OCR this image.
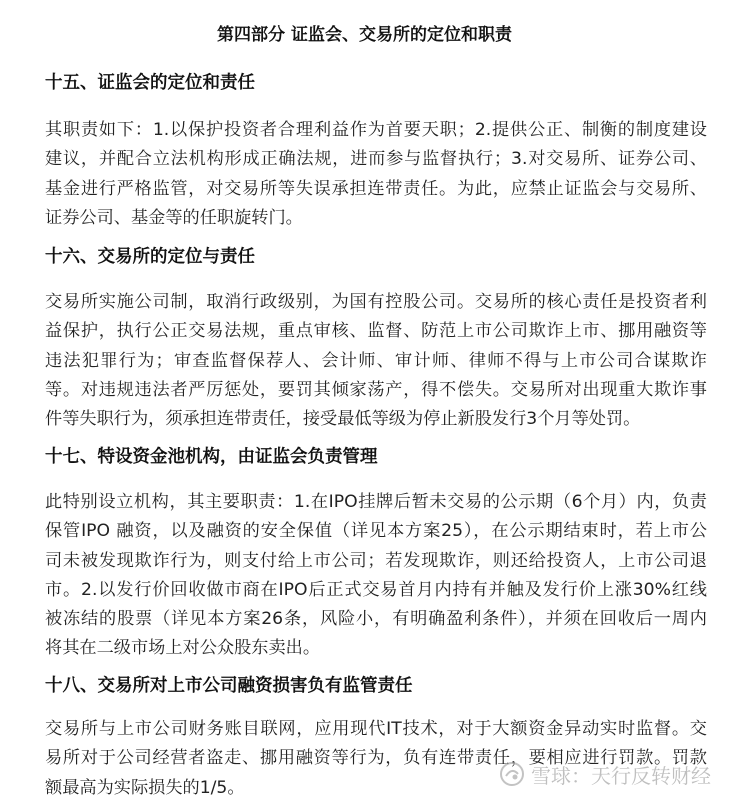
第四部分 证监会、交易所的定位和职责
十五、证监会的定位和责任
其职责如下：1.以保护投资者合理利益作为首要天职；2.提供公正、制衡的制度建设
建议，并配合立法机构形成正确法规，进而参与监督执行；3.对交易所、证券公司、
基金进行严格监管，对交易所等失误承担连带责任。为此，应禁止证监会与交易所、
证券公司、基金等的任职旋转门。
十六、交易所的定位与责任
交易所实施公司制，取消行政级别，为国有控股公司。交易所的核心责任是投资者利
益保护，执行公正交易法规，重点审核、监督、防范上市公司欺诈上市、挪用融资等
违法犯罪行为；审查监督保荐人、会计师、审计师、律师不得与上市公司合谋欺诈
等。对违规违法者严厉惩处，要罚其倾家荡产，得不偿失。交易所对出现重大欺诈事
件等失职行为，须承担连带责任，接受最低等级为停止新股发行3个月等处罚。
十七、特设资金池机构，由证监会负责管理
此特别设立机构，其主要职责：1.在IPO挂牌后暂未交易的公示期（6个月）内，负责
保管IPO 融资，以及融资的安全保值（详见本方案25），在公示期结束时，若上市公
司未被发现欺诈行为，则支付给上市公司；若发现欺诈，则还给投资人，上市公司退
市。2.以发行价回收做市商在IPO后正式交易首月内持有并触及发行价上涨30%红线
被冻结的股票（详见本方案26条，风险小，有明确盈利条件），并须在回收后一周内
将其在二级市场上对公众股东卖出。
十八、交易所对上市公司融资损害负有监管责任
交易所与上市公司财务账目联网，应用现代IT技术，对于大额资金异动实时监督。交
易所对于公司经营者盗走、挪用融资等行为，负有连带责任，要相应进行罚款。罚款
额最高为实际损失的1/5。
雪球：天行反转财经
